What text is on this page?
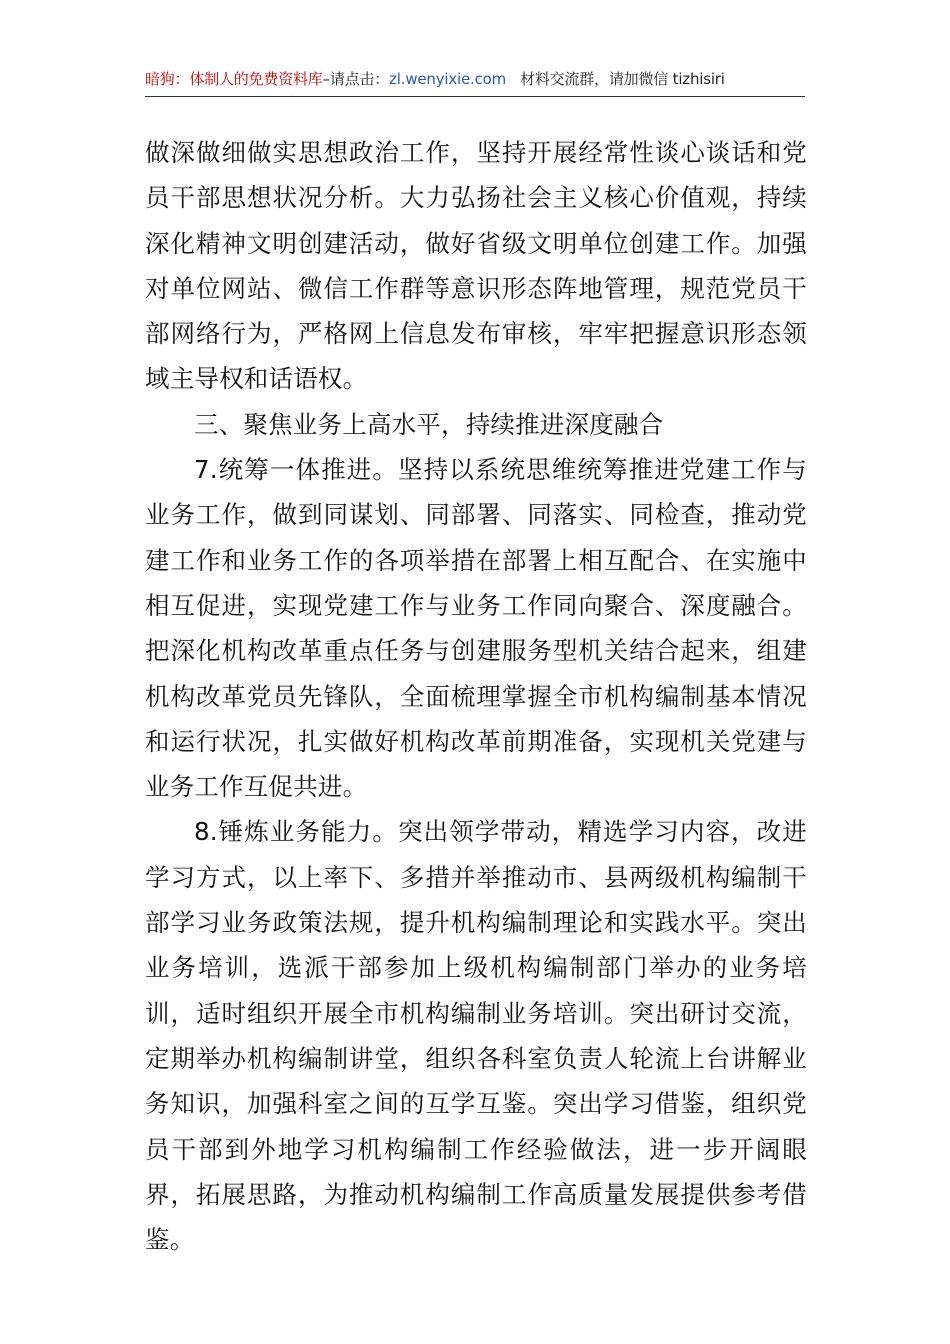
暗狗：体制人的免费资料库–请点击：zl.wenyixie.com 材料交流群，请加微信 tizhisiri

做深做细做实思想政治工作，坚持开展经常性谈心谈话和党员干部思想状况分析。大力弘扬社会主义核心价值观，持续深化精神文明创建活动，做好省级文明单位创建工作。加强对单位网站、微信工作群等意识形态阵地管理，规范党员干部网络行为，严格网上信息发布审核，牢牢把握意识形态领域主导权和话语权。

三、聚焦业务上高水平，持续推进深度融合

7.统筹一体推进。坚持以系统思维统筹推进党建工作与业务工作，做到同谋划、同部署、同落实、同检查，推动党建工作和业务工作的各项举措在部署上相互配合、在实施中相互促进，实现党建工作与业务工作同向聚合、深度融合。把深化机构改革重点任务与创建服务型机关结合起来，组建机构改革党员先锋队，全面梳理掌握全市机构编制基本情况和运行状况，扎实做好机构改革前期准备，实现机关党建与业务工作互促共进。

8.锤炼业务能力。突出领学带动，精选学习内容，改进学习方式，以上率下、多措并举推动市、县两级机构编制干部学习业务政策法规，提升机构编制理论和实践水平。突出业务培训，选派干部参加上级机构编制部门举办的业务培训，适时组织开展全市机构编制业务培训。突出研讨交流，定期举办机构编制讲堂，组织各科室负责人轮流上台讲解业务知识，加强科室之间的互学互鉴。突出学习借鉴，组织党员干部到外地学习机构编制工作经验做法，进一步开阔眼界，拓展思路，为推动机构编制工作高质量发展提供参考借鉴。
